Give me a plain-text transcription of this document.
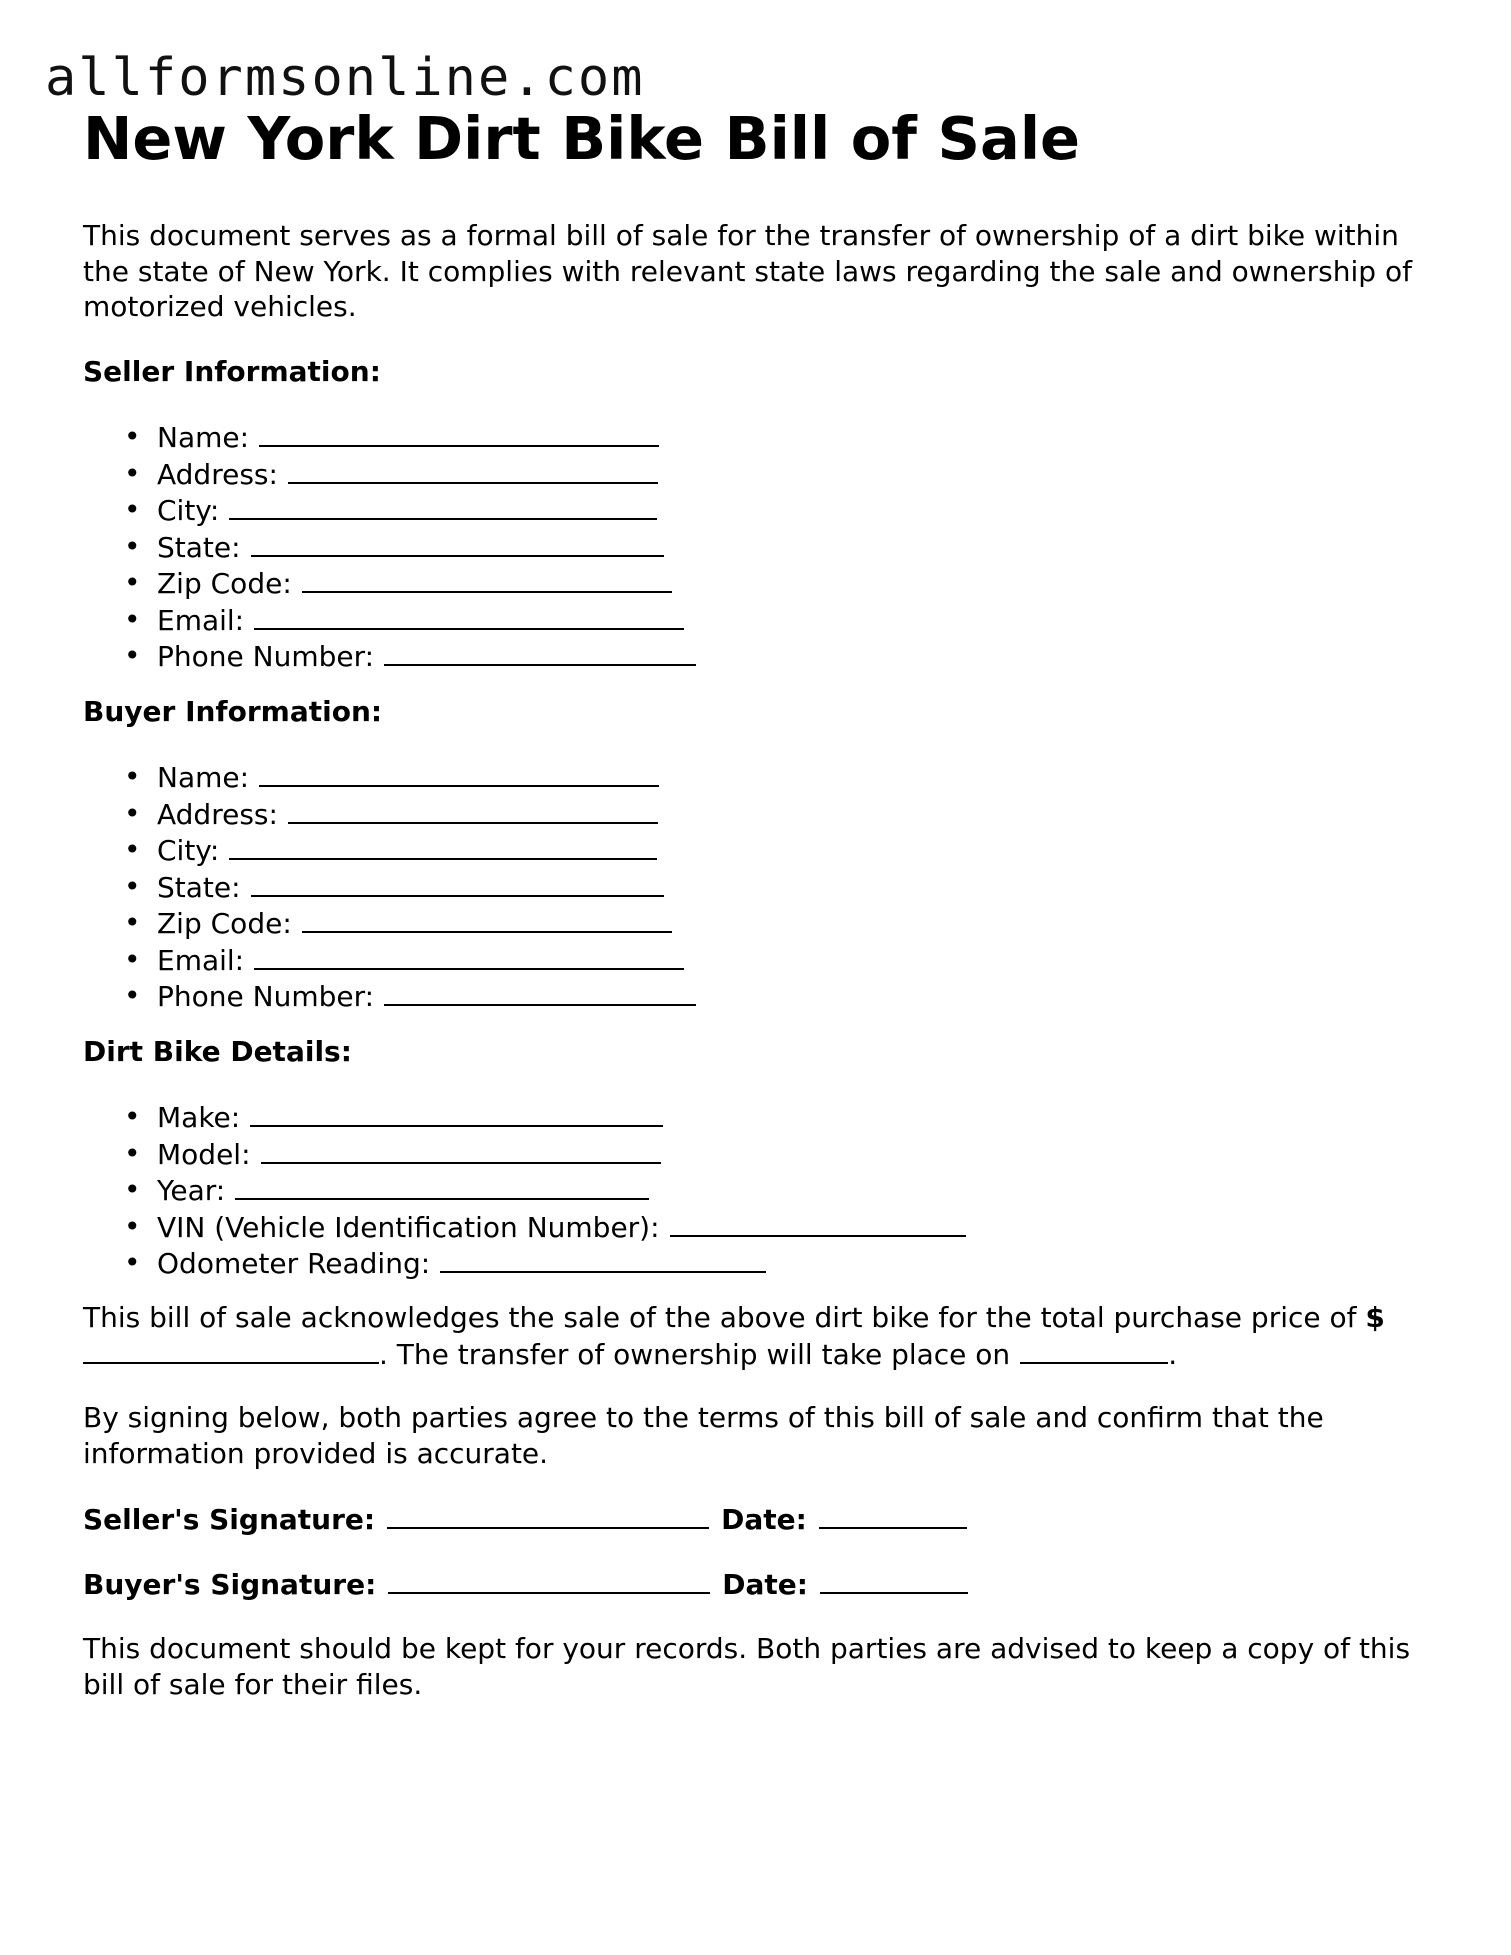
allformsonline.com
New York Dirt Bike Bill of Sale

This document serves as a formal bill of sale for the transfer of ownership of a dirt bike within the state of New York. It complies with relevant state laws regarding the sale and ownership of motorized vehicles.

Seller Information:
• Name:
• Address:
• City:
• State:
• Zip Code:
• Email:
• Phone Number:
Buyer Information:
• Name:
• Address:
• City:
• State:
• Zip Code:
• Email:
• Phone Number:
Dirt Bike Details:
• Make:
• Model:
• Year:
• VIN (Vehicle Identification Number):
• Odometer Reading:

This bill of sale acknowledges the sale of the above dirt bike for the total purchase price of $. The transfer of ownership will take place on	.

By signing below, both parties agree to the terms of this bill of sale and confirm that the information provided is accurate.

Seller's Signature:	Date:
Buyer's Signature:	Date:

This document should be kept for your records. Both parties are advised to keep a copy of this bill of sale for their files.
